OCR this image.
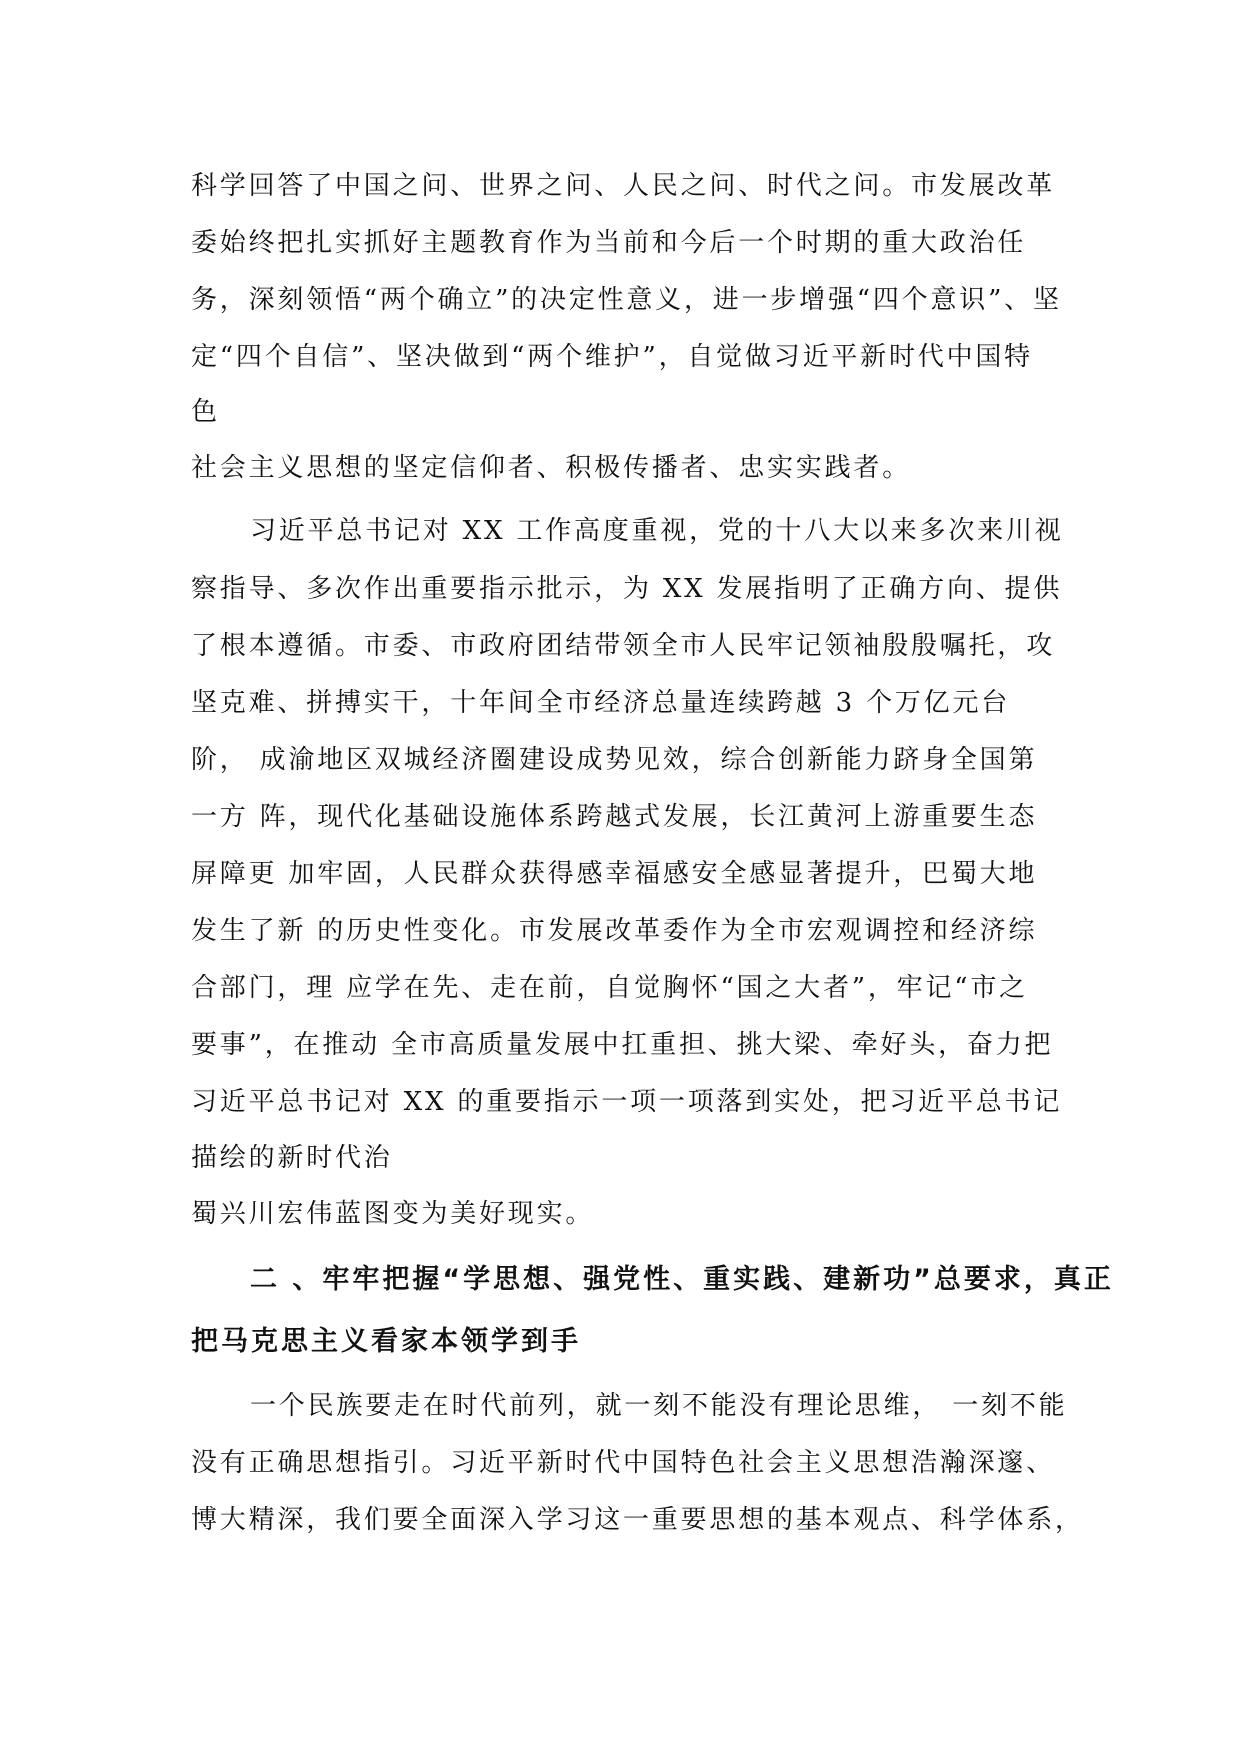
科学回答了中国之问、世界之问、人民之问、时代之问。市发展改革
委始终把扎实抓好主题教育作为当前和今后一个时期的重大政治任
务，深刻领悟“两个确立”的决定性意义，进一步增强“四个意识”、坚
定“四个自信”、坚决做到“两个维护”，自觉做习近平新时代中国特
色
社会主义思想的坚定信仰者、积极传播者、忠实实践者。
习近平总书记对 XX 工作高度重视，党的十八大以来多次来川视
察指导、多次作出重要指示批示，为 XX 发展指明了正确方向、提供
了根本遵循。市委、市政府团结带领全市人民牢记领袖殷殷嘱托，攻
坚克难、拼搏实干，十年间全市经济总量连续跨越 3 个万亿元台
阶， 成渝地区双城经济圈建设成势见效，综合创新能力跻身全国第
一方 阵，现代化基础设施体系跨越式发展，长江黄河上游重要生态
屏障更 加牢固，人民群众获得感幸福感安全感显著提升，巴蜀大地
发生了新 的历史性变化。市发展改革委作为全市宏观调控和经济综
合部门，理 应学在先、走在前，自觉胸怀“国之大者”，牢记“市之
要事”，在推动 全市高质量发展中扛重担、挑大梁、牵好头，奋力把
习近平总书记对 XX 的重要指示一项一项落到实处，把习近平总书记
描绘的新时代治
蜀兴川宏伟蓝图变为美好现实。
二 、牢牢把握“学思想、强党性、重实践、建新功”总要求，真正
把马克思主义看家本领学到手
一个民族要走在时代前列，就一刻不能没有理论思维， 一刻不能
没有正确思想指引。习近平新时代中国特色社会主义思想浩瀚深邃、
博大精深，我们要全面深入学习这一重要思想的基本观点、科学体系，
